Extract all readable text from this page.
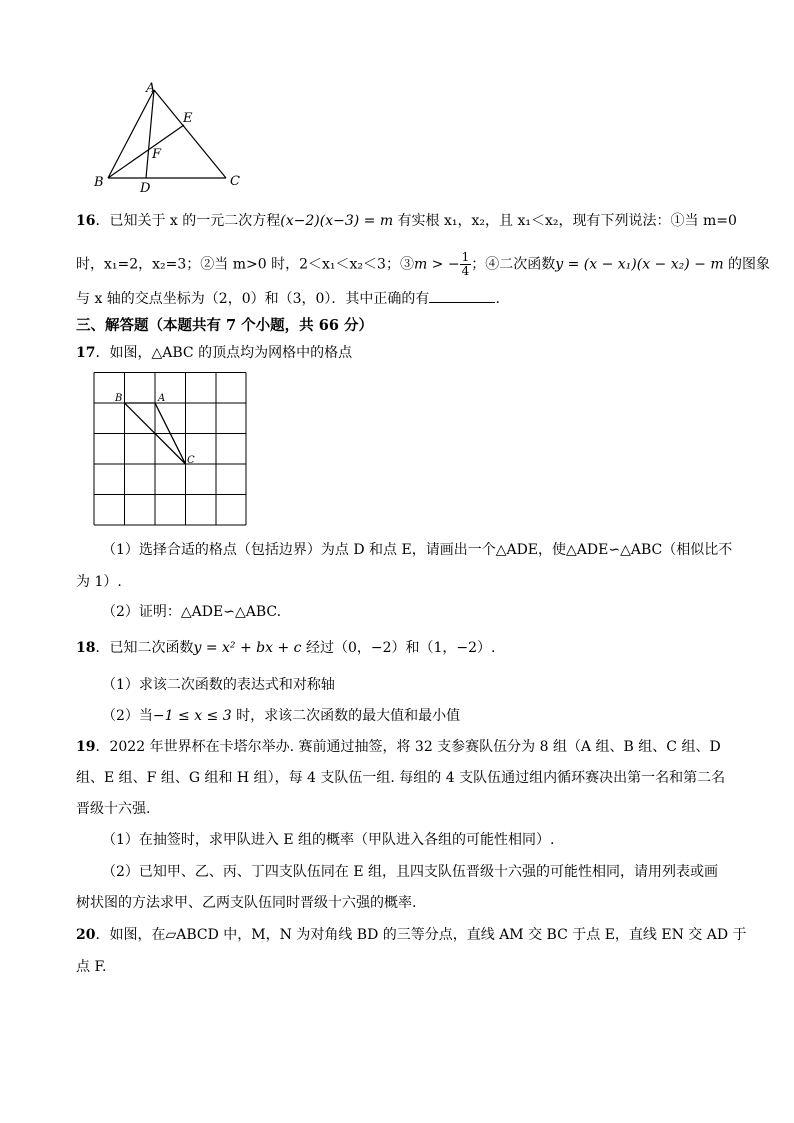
A
B	C
D
E
F
16．已知关于 x 的一元二次方程(x−2)(x−3) = m 有实根 x₁，x₂，且 x₁＜x₂，现有下列说法：①当 m=0
时，x₁=2，x₂=3；②当 m>0 时，2＜x₁＜x₂＜3；③m > − $\frac{1}{4}$ ；④二次函数y = (x − x₁)(x − x₂) − m 的图象
与 x 轴的交点坐标为（2，0）和（3，0）．其中正确的有	.
三、解答题（本题共有 7 个小题，共 66 分）
17．如图，△ABC 的顶点均为网格中的格点
B	A
C
（1）选择合适的格点（包括边界）为点 D 和点 E，请画出一个△ADE，使△ADE∽△ABC（相似比不
为 1）.
（2）证明：△ADE∽△ABC.
18．已知二次函数y = x² + bx + c 经过（0，−2）和（1，−2）.
（1）求该二次函数的表达式和对称轴
（2）当−1 ≤ x ≤ 3 时，求该二次函数的最大值和最小值
19．2022 年世界杯在卡塔尔举办. 赛前通过抽签，将 32 支参赛队伍分为 8 组（A 组、B 组、C 组、D
组、E 组、F 组、G 组和 H 组），每 4 支队伍一组. 每组的 4 支队伍通过组内循环赛决出第一名和第二名
晋级十六强.
（1）在抽签时，求甲队进入 E 组的概率（甲队进入各组的可能性相同）.
（2）已知甲、乙、丙、丁四支队伍同在 E 组，且四支队伍晋级十六强的可能性相同，请用列表或画
树状图的方法求甲、乙两支队伍同时晋级十六强的概率.
20．如图，在▱ABCD 中，M，N 为对角线 BD 的三等分点，直线 AM 交 BC 于点 E，直线 EN 交 AD 于
点 F.
